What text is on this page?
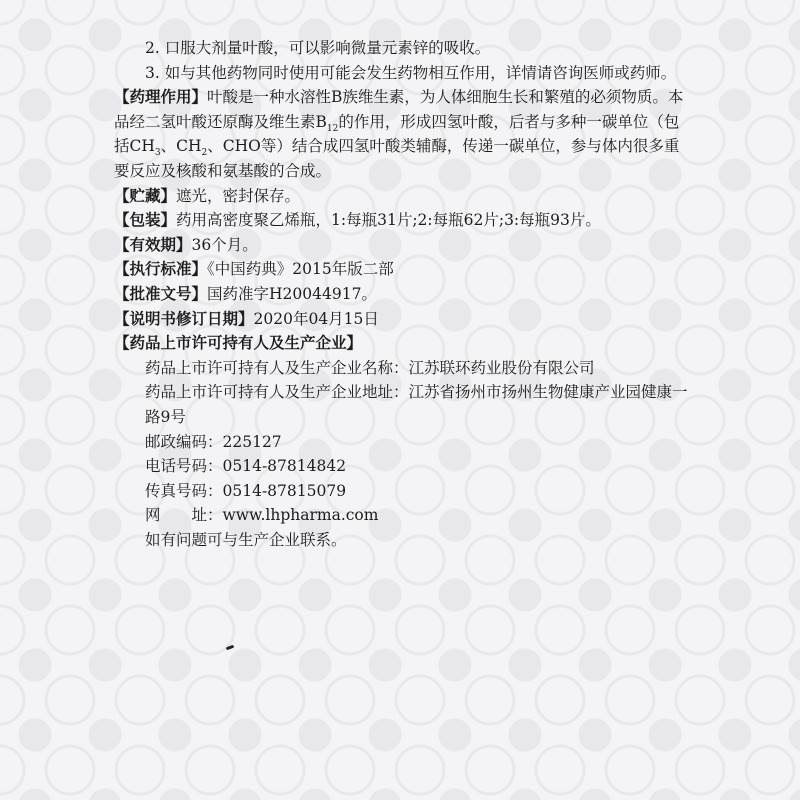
2. 口服大剂量叶酸，可以影响微量元素锌的吸收。
3. 如与其他药物同时使用可能会发生药物相互作用，详情请咨询医师或药师。
【药理作用】叶酸是一种水溶性B族维生素，为人体细胞生长和繁殖的必须物质。本品经二氢叶酸还原酶及维生素$B_{12}$的作用，形成四氢叶酸，后者与多种一碳单位（包括$CH_3$、$CH_2$、CHO等）结合成四氢叶酸类辅酶，传递一碳单位，参与体内很多重要反应及核酸和氨基酸的合成。
【贮藏】遮光，密封保存。
【包装】药用高密度聚乙烯瓶，1:每瓶31片;2:每瓶62片;3:每瓶93片。
【有效期】36个月。
【执行标准】《中国药典》2015年版二部
【批准文号】国药准字H20044917。
【说明书修订日期】2020年04月15日
【药品上市许可持有人及生产企业】
药品上市许可持有人及生产企业名称：江苏联环药业股份有限公司
药品上市许可持有人及生产企业地址：江苏省扬州市扬州生物健康产业园健康一路9号
邮政编码：225127
电话号码：0514-87814842
传真号码：0514-87815079
网　　址：www.lhpharma.com
如有问题可与生产企业联系。
